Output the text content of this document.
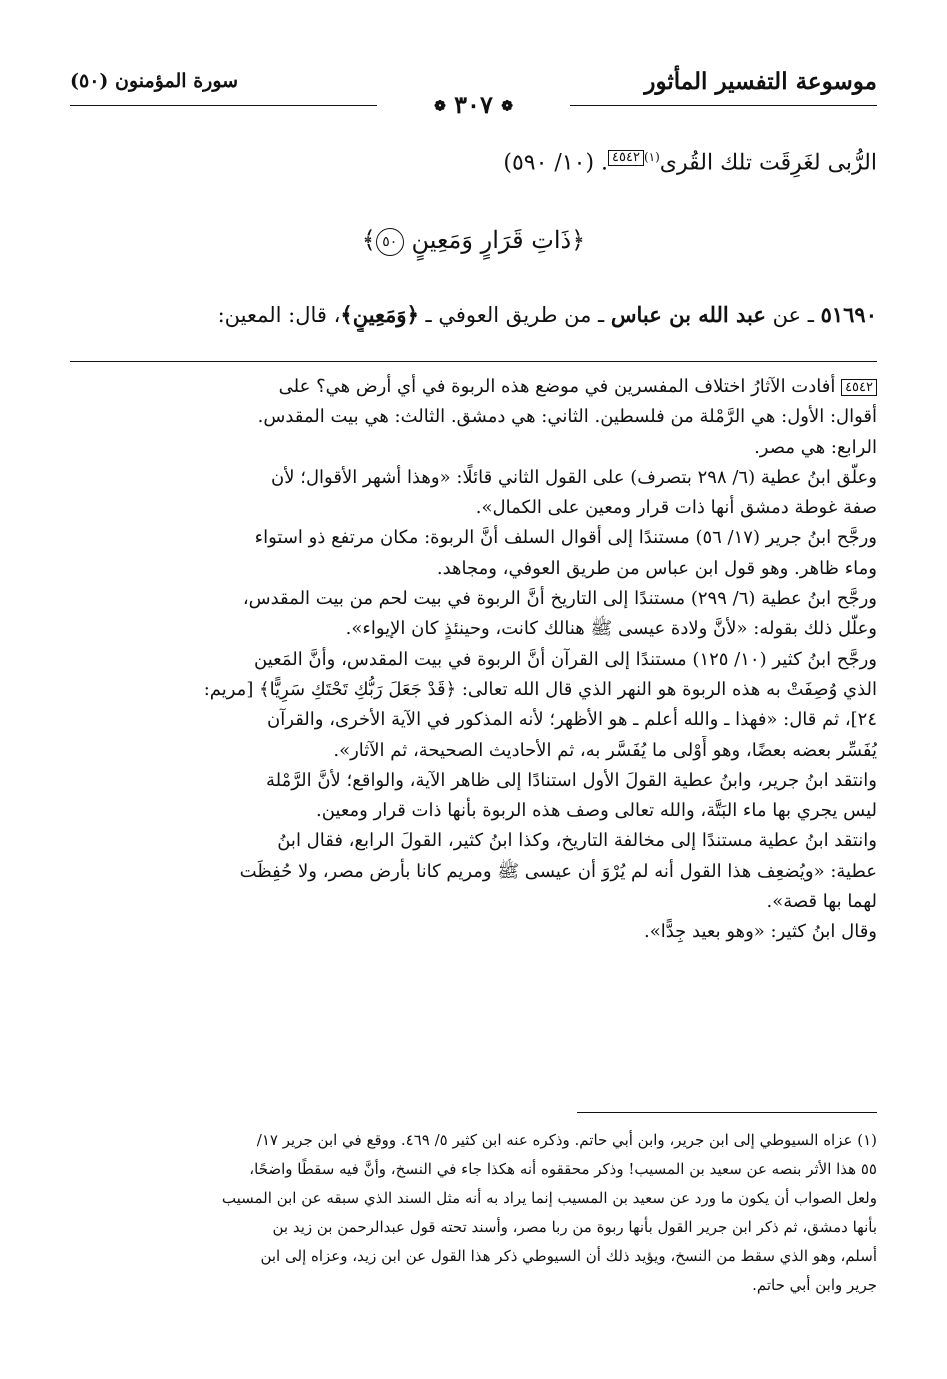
موسوعة التفسير المأثور
❁ ٣٠٧ ❁
سورة المؤمنون (٥٠)
الرُّبى لغَرِقَت تلك القُرى$^{(١)}$٤٥٤٢. (١٠/ ٥٩٠)
﴿ذَاتِ قَرَارٍ وَمَعِينٍ ٥٠﴾
٥١٦٩٠ ـ عن عبد الله بن عباس ـ من طريق العوفي ـ ﴿وَمَعِينٍ﴾، قال: المعين:

٤٥٤٢ أفادت الآثارُ اختلاف المفسرين في موضع هذه الربوة في أي أرض هي؟ على

أقوال: الأول: هي الرَّمْلة من فلسطين. الثاني: هي دمشق. الثالث: هي بيت المقدس.

الرابع: هي مصر.

وعلَّق ابنُ عطية (٦/ ٢٩٨ بتصرف) على القول الثاني قائلًا: «وهذا أشهر الأقوال؛ لأن

صفة غوطة دمشق أنها ذات قرار ومعين على الكمال».

ورجَّح ابنُ جرير (١٧/ ٥٦) مستندًا إلى أقوال السلف أنَّ الربوة: مكان مرتفع ذو استواء

وماء ظاهر. وهو قول ابن عباس من طريق العوفي، ومجاهد.

ورجَّح ابنُ عطية (٦/ ٢٩٩) مستندًا إلى التاريخ أنَّ الربوة في بيت لحم من بيت المقدس،

وعلَّل ذلك بقوله: «لأنَّ ولادة عيسى ﷺ هنالك كانت، وحينئذٍ كان الإيواء».

ورجَّح ابنُ كثير (١٠/ ١٢٥) مستندًا إلى القرآن أنَّ الربوة في بيت المقدس، وأنَّ المَعين

الذي وُصِفَتْ به هذه الربوة هو النهر الذي قال الله تعالى: ﴿قَدْ جَعَلَ رَبُّكِ تَحْتَكِ سَرِيًّا﴾ [مريم:

٢٤]، ثم قال: «فهذا ـ والله أعلم ـ هو الأظهر؛ لأنه المذكور في الآية الأخرى، والقرآن

يُفَسِّر بعضه بعضًا، وهو أَوْلى ما يُفَسَّر به، ثم الأحاديث الصحيحة، ثم الآثار».

وانتقد ابنُ جرير، وابنُ عطية القولَ الأول استنادًا إلى ظاهر الآية، والواقع؛ لأنَّ الرَّمْلة

ليس يجري بها ماء البَتَّة، والله تعالى وصف هذه الربوة بأنها ذات قرار ومعين.

وانتقد ابنُ عطية مستندًا إلى مخالفة التاريخ، وكذا ابنُ كثير، القولَ الرابع، فقال ابنُ

عطية: «ويُضعِف هذا القول أنه لم يُرْوَ أن عيسى ﷺ ومريم كانا بأرض مصر، ولا حُفِظَت

لهما بها قصة».

وقال ابنُ كثير: «وهو بعيد جِدًّا».

(١) عزاه السيوطي إلى ابن جرير، وابن أبي حاتم. وذكره عنه ابن كثير ٥/ ٤٦٩. ووقع في ابن جرير ١٧/

٥٥ هذا الأثر بنصه عن سعيد بن المسيب! وذكر محققوه أنه هكذا جاء في النسخ، وأنَّ فيه سقطًا واضحًا،

ولعل الصواب أن يكون ما ورد عن سعيد بن المسيب إنما يراد به أنه مثل السند الذي سبقه عن ابن المسيب

بأنها دمشق، ثم ذكر ابن جرير القول بأنها ربوة من ربا مصر، وأسند تحته قول عبدالرحمن بن زيد بن

أسلم، وهو الذي سقط من النسخ، ويؤيد ذلك أن السيوطي ذكر هذا القول عن ابن زيد، وعزاه إلى ابن

جرير وابن أبي حاتم.
